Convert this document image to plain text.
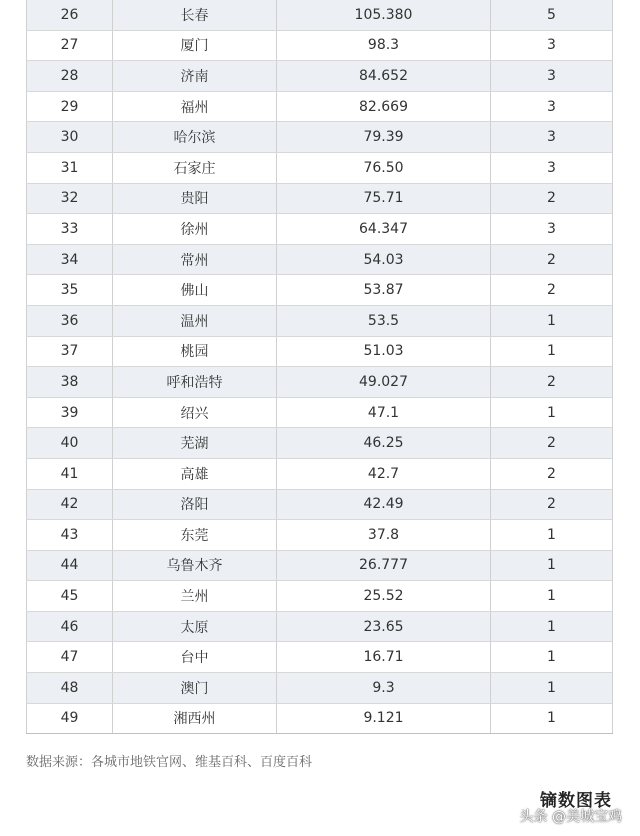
26	长春	105.380	5
27	厦门	98.3	3
28	济南	84.652	3
29	福州	82.669	3
30	哈尔滨	79.39	3
31	石家庄	76.50	3
32	贵阳	75.71	2
33	徐州	64.347	3
34	常州	54.03	2
35	佛山	53.87	2
36	温州	53.5	1
37	桃园	51.03	1
38	呼和浩特	49.027	2
39	绍兴	47.1	1
40	芜湖	46.25	2
41	高雄	42.7	2
42	洛阳	42.49	2
43	东莞	37.8	1
44	乌鲁木齐	26.777	1
45	兰州	25.52	1
46	太原	23.65	1
47	台中	16.71	1
48	澳门	9.3	1
49	湘西州	9.121	1
数据来源：各城市地铁官网、维基百科、百度百科
镝数图表
头条 @美城宝鸡
